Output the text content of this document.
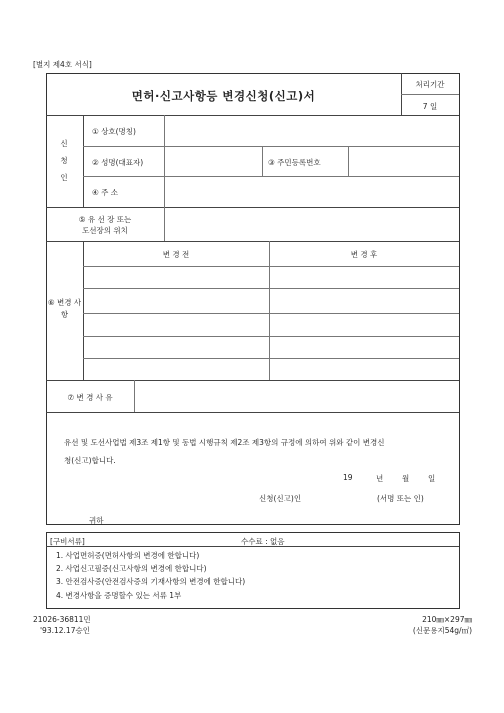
[별지 제4호 서식]
면허·신고사항등 변경신청(신고)서
처리기간
7 일
신 청 인
① 상호(명칭)
② 성명(대표자)	③ 주민등록번호
④ 주 소
⑤ 유 선 장 또는
도선장의 위치
⑥ 변경 사항
변 경 전	변 경 후
⑦ 변 경 사 유
유선 및 도선사업법 제3조 제1항 및 동법 시행규칙 제2조 제3항의 규정에 의하여 위와 같이 변경신
청(신고)합니다.
19	년	월	일
신청(신고)인	(서명 또는 인)
귀하
[구비서류]	수수료 : 없음
1. 사업면허증(면허사항의 변경에 한합니다)
2. 사업신고필증(신고사항의 변경에 한합니다)
3. 안전검사증(안전검사증의 기재사항의 변경에 한합니다)
4. 변경사항을 증명할수 있는 서류 1부
21026-36811민
'93.12.17승인
210㎜×297㎜
(신문용지54g/㎡)
